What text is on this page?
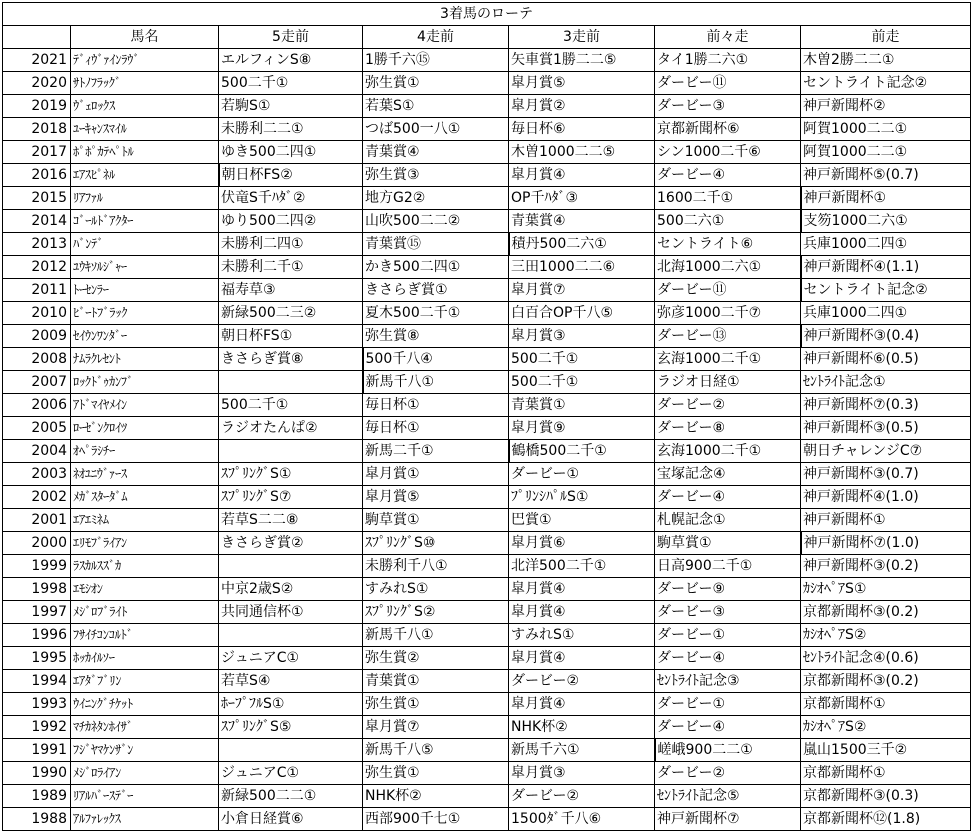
3着馬のローテ						
	馬名	5走前	4走前	3走前	前々走	前走
2021	ﾃﾞｨｳﾞｧｲﾝﾗｳﾞ	エルフィンS⑧	1勝千六⑮	矢車賞1勝二二⑤	タイ1勝二六①	木曽2勝二二①
2020	ｻﾄﾉﾌﾗｯｸﾞ	500二千①	弥生賞①	皐月賞⑤	ダービー⑪	セントライト記念②
2019	ｳﾞｪﾛｯｸｽ	若駒S①	若葉S①	皐月賞②	ダービー③	神戸新聞杯②
2018	ﾕｰｷｬﾝｽﾏｲﾙ	未勝利二二①	つば500一八①	毎日杯⑥	京都新聞杯⑥	阿賀1000二二①
2017	ﾎﾟﾎﾟｶﾃﾍﾟﾄﾙ	ゆき500二四①	青葉賞④	木曽1000二二⑤	シン1000二千⑥	阿賀1000二二①
2016	ｴｱｽﾋﾟﾈﾙ	朝日杯FS②	弥生賞③	皐月賞④	ダービー④	神戸新聞杯⑤(0.7)
2015	ﾘｱﾌｧﾙ	伏竜S千ﾊﾀﾞ②	地方G2②	OP千ﾊﾀﾞ③	1600二千①	神戸新聞杯①
2014	ｺﾞｰﾙﾄﾞｱｸﾀｰ	ゆり500二四②	山吹500二二②	青葉賞④	500二六①	支笏1000二六①
2013	ﾊﾞﾝﾃﾞ	未勝利二四①	青葉賞⑮	積丹500二六①	セントライト⑥	兵庫1000二四①
2012	ﾕｳｷｿﾙｼﾞｬｰ	未勝利二千①	かき500二四①	三田1000二二⑥	北海1000二六①	神戸新聞杯④(1.1)
2011	ﾄｰｾﾝﾗｰ	福寿草③	きさらぎ賞①	皐月賞⑦	ダービー⑪	セントライト記念②
2010	ﾋﾞｰﾄﾌﾞﾗｯｸ	新緑500二三②	夏木500二千①	白百合OP千八⑤	弥彦1000二千⑦	兵庫1000二四①
2009	ｾｲｳﾝﾜﾝﾀﾞｰ	朝日杯FS①	弥生賞⑧	皐月賞③	ダービー⑬	神戸新聞杯③(0.4)
2008	ﾅﾑﾗｸﾚｾﾝﾄ	きさらぎ賞⑧	500千八④	500二千①	玄海1000二千①	神戸新聞杯⑥(0.5)
2007	ﾛｯｸﾄﾞｩｶﾝﾌﾞ		新馬千八①	500二千①	ラジオ日経①	ｾﾝﾄﾗｲﾄ記念①
2006	ｱﾄﾞﾏｲﾔﾒｲﾝ	500二千①	毎日杯①	青葉賞①	ダービー②	神戸新聞杯⑦(0.3)
2005	ﾛｰｾﾞﾝｸﾛｲﾂ	ラジオたんぱ②	毎日杯①	皐月賞⑨	ダービー⑧	神戸新聞杯③(0.5)
2004	ｵﾍﾟﾗｼﾁｰ		新馬二千①	鶴橋500二千①	玄海1000二千①	朝日チャレンジC⑦
2003	ﾈｵﾕﾆｳﾞｧｰｽ	ｽﾌﾟﾘﾝｸﾞS①	皐月賞①	ダービー①	宝塚記念④	神戸新聞杯③(0.7)
2002	ﾒｶﾞｽﾀｰﾀﾞﾑ	ｽﾌﾟﾘﾝｸﾞS⑦	皐月賞⑤	ﾌﾟﾘﾝｼﾊﾟﾙS①	ダービー④	神戸新聞杯④(1.0)
2001	ｴｱｴﾐﾈﾑ	若草S二二⑧	駒草賞①	巴賞①	札幌記念①	神戸新聞杯①
2000	ｴﾘﾓﾌﾞﾗｲｱﾝ	きさらぎ賞②	ｽﾌﾟﾘﾝｸﾞS⑩	皐月賞⑥	駒草賞①	神戸新聞杯⑦(1.0)
1999	ﾗｽｶﾙｽｽﾞｶ		未勝利千八①	北洋500二千①	日高900二千①	神戸新聞杯③(0.2)
1998	ｴﾓｼｵﾝ	中京2歳S②	すみれS①	皐月賞④	ダービー⑨	ｶｼｵﾍﾟｱS①
1997	ﾒｼﾞﾛﾌﾞﾗｲﾄ	共同通信杯①	ｽﾌﾟﾘﾝｸﾞS②	皐月賞④	ダービー③	京都新聞杯③(0.2)
1996	ﾌｻｲﾁｺﾝｺﾙﾄﾞ		新馬千八①	すみれS①	ダービー①	ｶｼｵﾍﾟｱS②
1995	ﾎｯｶｲﾙｿｰ	ジュニアC①	弥生賞②	皐月賞④	ダービー④	ｾﾝﾄﾗｲﾄ記念④(0.6)
1994	ｴｱﾀﾞﾌﾞﾘﾝ	若草S④	青葉賞①	ダービー②	ｾﾝﾄﾗｲﾄ記念③	京都新聞杯③(0.2)
1993	ｳｲﾆﾝｸﾞﾁｹｯﾄ	ﾎｰﾌﾟﾌﾙS①	弥生賞①	皐月賞④	ダービー①	京都新聞杯①
1992	ﾏﾁｶﾈﾀﾝﾎｲｻﾞ	ｽﾌﾟﾘﾝｸﾞS⑤	皐月賞⑦	NHK杯②	ダービー④	ｶｼｵﾍﾟｱS②
1991	ﾌｼﾞﾔﾏｹﾝｻﾞﾝ		新馬千八⑤	新馬千六①	嵯峨900二二①	嵐山1500三千②
1990	ﾒｼﾞﾛﾗｲｱﾝ	ジュニアC①	弥生賞①	皐月賞③	ダービー②	京都新聞杯①
1989	ﾘｱﾙﾊﾞｰｽﾃﾞｰ	新緑500二二①	NHK杯②	ダービー②	ｾﾝﾄﾗｲﾄ記念⑤	京都新聞杯③(0.3)
1988	ｱﾙﾌｧﾚｯｸｽ	小倉日経賞⑥	西部900千七①	1500ﾀﾞ千八⑥	神戸新聞杯⑦	京都新聞杯⑫(1.8)
